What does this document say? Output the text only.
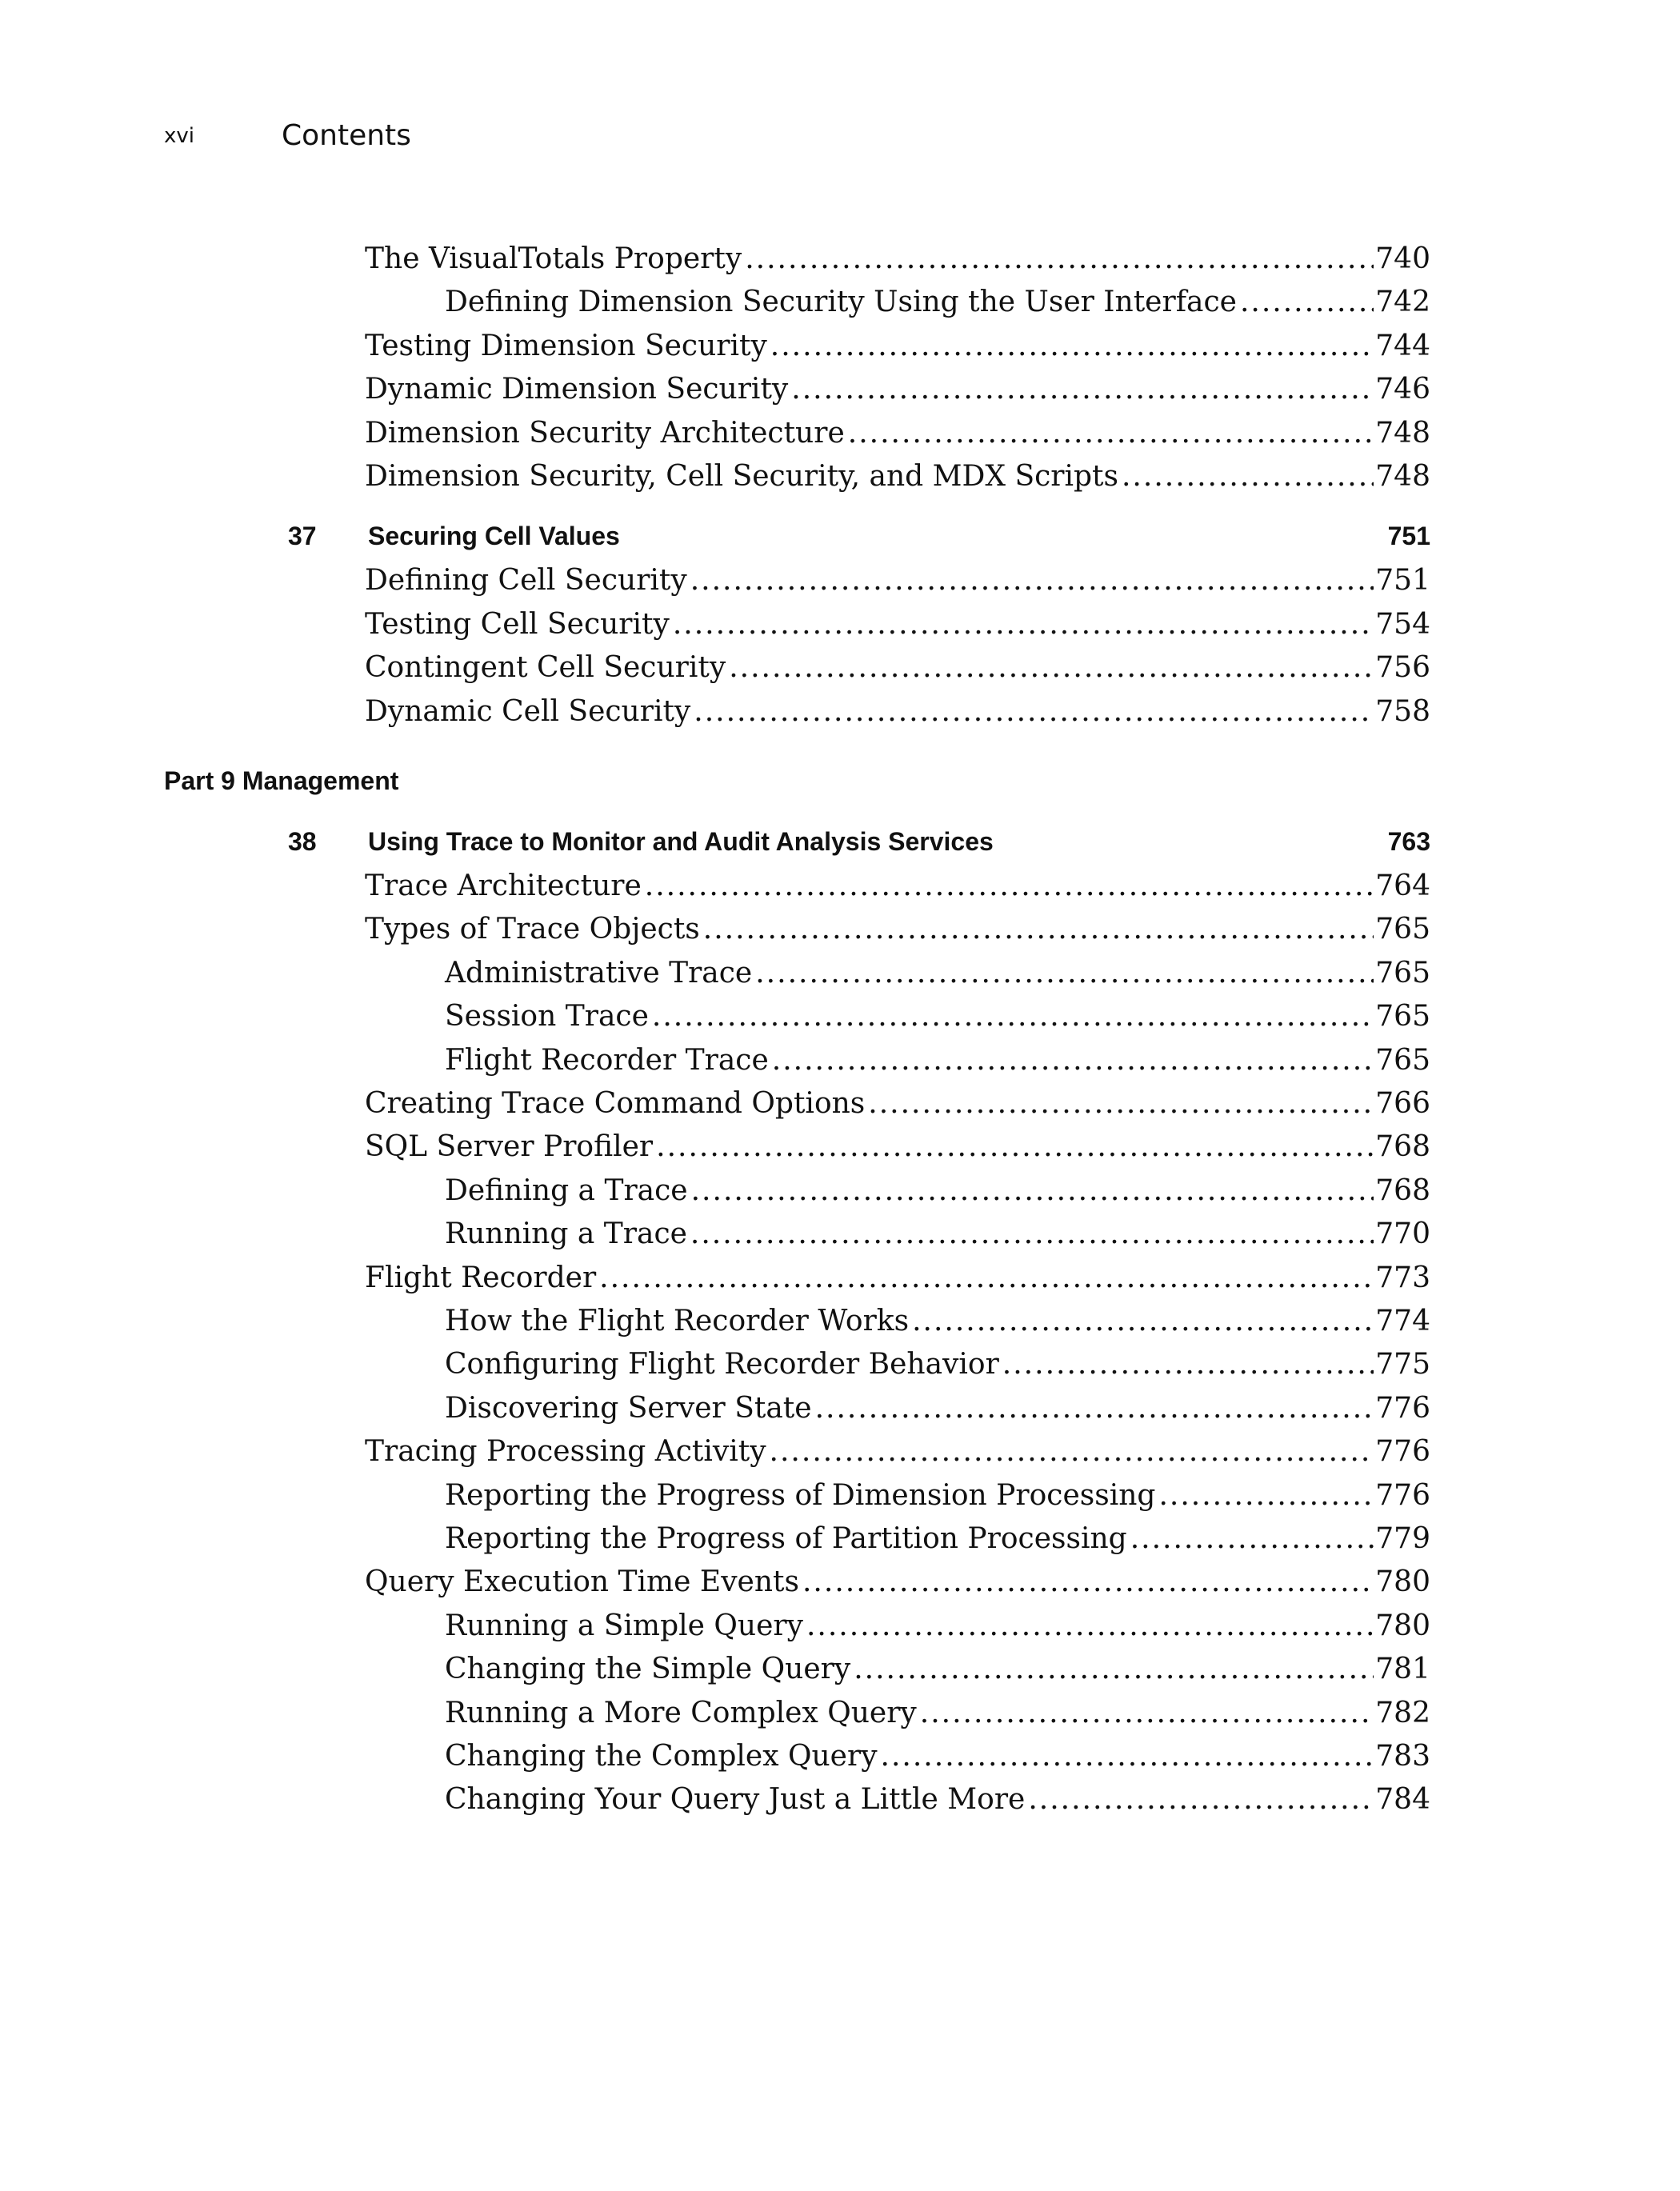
xvi	Contents
The VisualTotals Property .....	740
Defining Dimension Security Using the User Interface .....	742
Testing Dimension Security .....	744
Dynamic Dimension Security .....	746
Dimension Security Architecture .....	748
Dimension Security, Cell Security, and MDX Scripts .....	748
37 Securing Cell Values	751
Defining Cell Security .....	751
Testing Cell Security .....	754
Contingent Cell Security .....	756
Dynamic Cell Security .....	758
Part 9 Management
38 Using Trace to Monitor and Audit Analysis Services	763
Trace Architecture .....	764
Types of Trace Objects .....	765
Administrative Trace .....	765
Session Trace .....	765
Flight Recorder Trace .....	765
Creating Trace Command Options .....	766
SQL Server Profiler .....	768
Defining a Trace .....	768
Running a Trace .....	770
Flight Recorder .....	773
How the Flight Recorder Works .....	774
Configuring Flight Recorder Behavior .....	775
Discovering Server State .....	776
Tracing Processing Activity .....	776
Reporting the Progress of Dimension Processing .....	776
Reporting the Progress of Partition Processing .....	779
Query Execution Time Events .....	780
Running a Simple Query .....	780
Changing the Simple Query .....	781
Running a More Complex Query .....	782
Changing the Complex Query .....	783
Changing Your Query Just a Little More .....	784
